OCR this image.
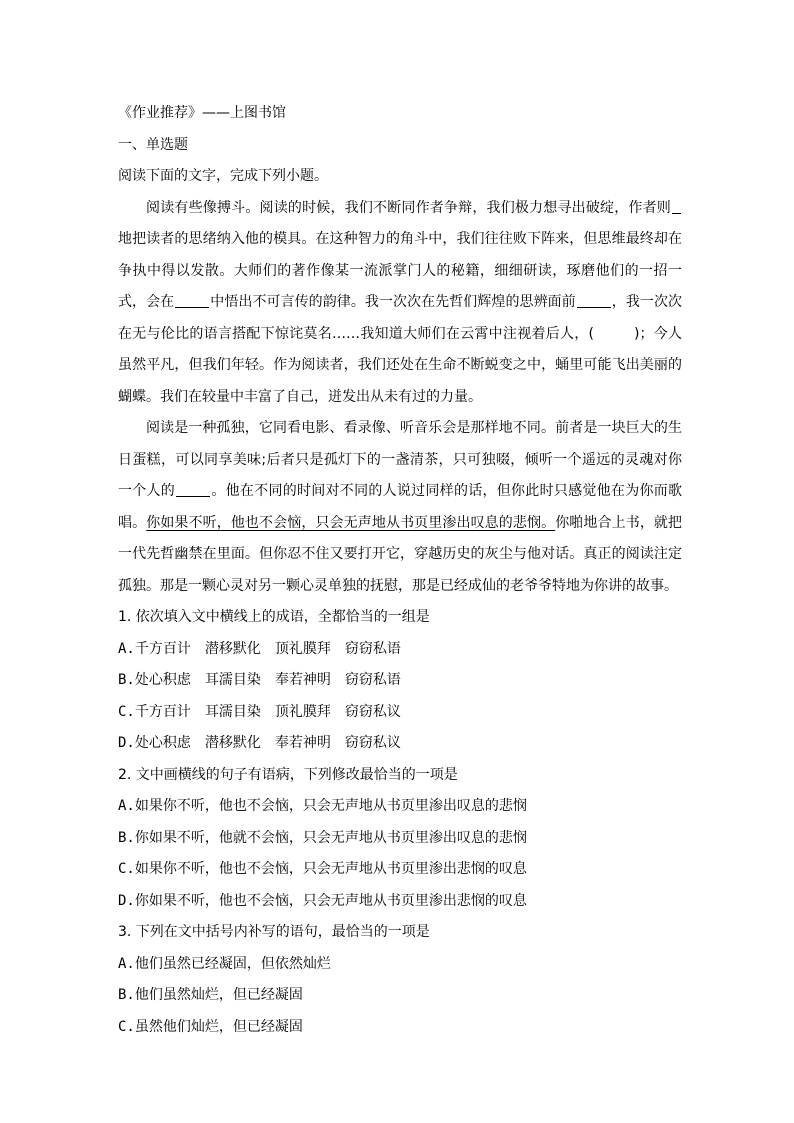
《作业推荐》——上图书馆
一、单选题
阅读下面的文字，完成下列小题。
阅读有些像搏斗。阅读的时候，我们不断同作者争辩，我们极力想寻出破绽，作者则地把读者的思绪纳入他的模具。在这种智力的角斗中，我们往往败下阵来，但思维最终却在争执中得以发散。大师们的著作像某一流派掌门人的秘籍，细细研读，琢磨他们的一招一式，会在	中悟出不可言传的韵律。我一次次在先哲们辉煌的思辨面前	，我一次次在无与伦比的语言搭配下惊诧莫名……我知道大师们在云霄中注视着后人，(	)；今人虽然平凡，但我们年轻。作为阅读者，我们还处在生命不断蜕变之中，蛹里可能飞出美丽的蝴蝶。我们在较量中丰富了自己，迸发出从未有过的力量。
阅读是一种孤独，它同看电影、看录像、听音乐会是那样地不同。前者是一块巨大的生日蛋糕，可以同享美味;后者只是孤灯下的一盏清茶，只可独啜，倾听一个遥远的灵魂对你一个人的	。他在不同的时间对不同的人说过同样的话，但你此时只感觉他在为你而歌唱。你如果不听，他也不会恼，只会无声地从书页里渗出叹息的悲悯。你啪地合上书，就把一代先哲幽禁在里面。但你忍不住又要打开它，穿越历史的灰尘与他对话。真正的阅读注定孤独。那是一颗心灵对另一颗心灵单独的抚慰，那是已经成仙的老爷爷特地为你讲的故事。
1. 依次填入文中横线上的成语，全都恰当的一组是
A.千方百计 潜移默化 顶礼膜拜 窃窃私语
B.处心积虑 耳濡目染 奉若神明 窃窃私语
C.千方百计 耳濡目染 顶礼膜拜 窃窃私议
D.处心积虑 潜移默化 奉若神明 窃窃私议
2. 文中画横线的句子有语病，下列修改最恰当的一项是
A.如果你不听，他也不会恼，只会无声地从书页里渗出叹息的悲悯
B.你如果不听，他就不会恼，只会无声地从书页里渗出叹息的悲悯
C.如果你不听，他也不会恼，只会无声地从书页里渗出悲悯的叹息
D.你如果不听，他也不会恼，只会无声地从书页里渗出悲悯的叹息
3. 下列在文中括号内补写的语句，最恰当的一项是
A.他们虽然已经凝固，但依然灿烂
B.他们虽然灿烂，但已经凝固
C.虽然他们灿烂，但已经凝固
